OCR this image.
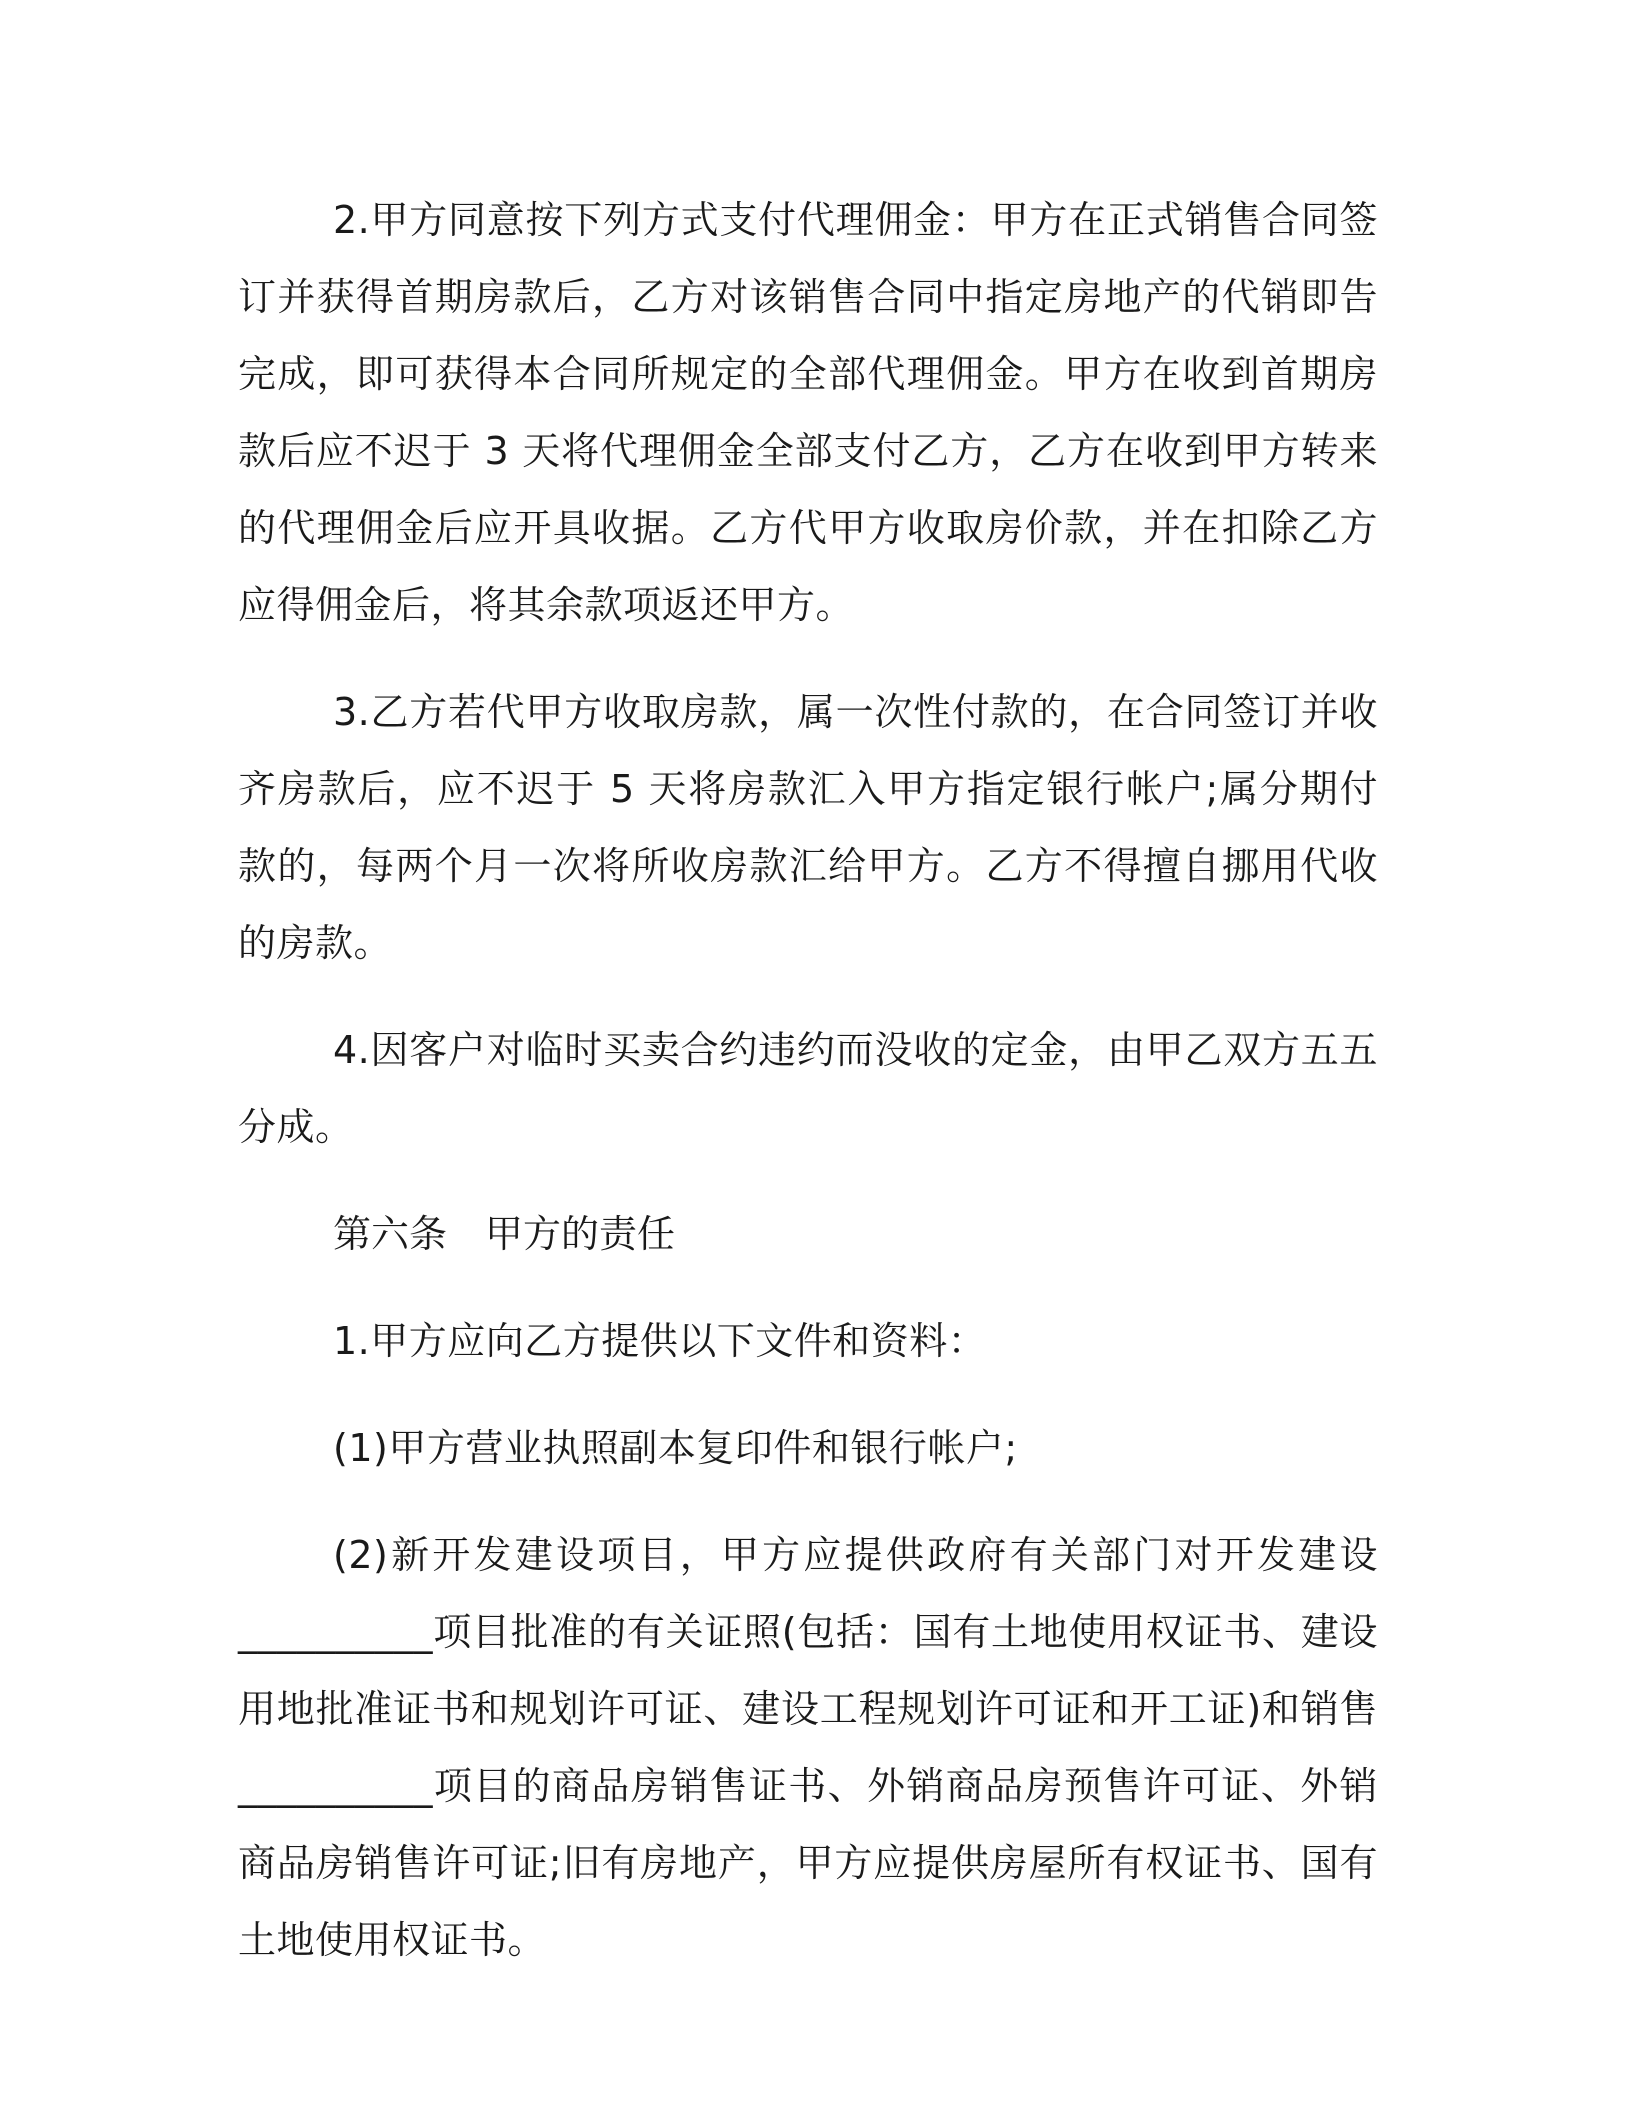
2.甲方同意按下列方式支付代理佣金：甲方在正式销售合同签订并获得首期房款后，乙方对该销售合同中指定房地产的代销即告完成，即可获得本合同所规定的全部代理佣金。甲方在收到首期房款后应不迟于 3 天将代理佣金全部支付乙方，乙方在收到甲方转来的代理佣金后应开具收据。乙方代甲方收取房价款，并在扣除乙方应得佣金后，将其余款项返还甲方。

3.乙方若代甲方收取房款，属一次性付款的，在合同签订并收齐房款后，应不迟于 5 天将房款汇入甲方指定银行帐户;属分期付款的，每两个月一次将所收房款汇给甲方。乙方不得擅自挪用代收的房款。

4.因客户对临时买卖合约违约而没收的定金，由甲乙双方五五分成。

第六条　甲方的责任

1.甲方应向乙方提供以下文件和资料：

(1)甲方营业执照副本复印件和银行帐户;

(2)新开发建设项目，甲方应提供政府有关部门对开发建设__________项目批准的有关证照(包括：国有土地使用权证书、建设用地批准证书和规划许可证、建设工程规划许可证和开工证)和销售__________项目的商品房销售证书、外销商品房预售许可证、外销商品房销售许可证;旧有房地产，甲方应提供房屋所有权证书、国有土地使用权证书。
